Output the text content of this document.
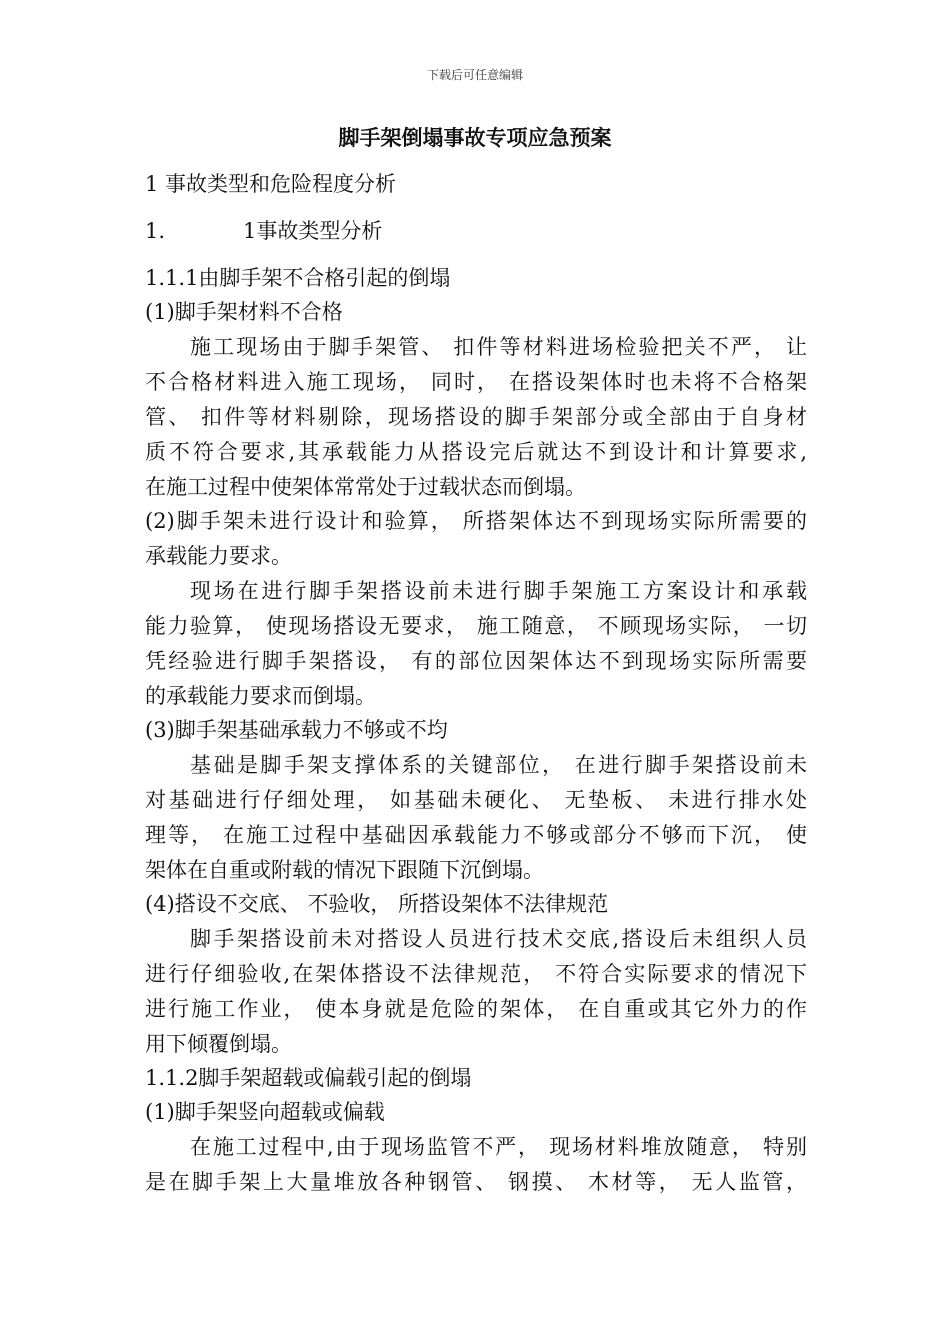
下载后可任意编辑
脚手架倒塌事故专项应急预案
1 事故类型和危险程度分析
1.	1事故类型分析
1.1.1由脚手架不合格引起的倒塌
(1)脚手架材料不合格
施工现场由于脚手架管、 扣件等材料进场检验把关不严， 让
不合格材料进入施工现场， 同时， 在搭设架体时也未将不合格架
管、 扣件等材料剔除，现场搭设的脚手架部分或全部由于自身材
质不符合要求,其承载能力从搭设完后就达不到设计和计算要求,
在施工过程中使架体常常处于过载状态而倒塌。
(2)脚手架未进行设计和验算， 所搭架体达不到现场实际所需要的
承载能力要求。
现场在进行脚手架搭设前未进行脚手架施工方案设计和承载
能力验算， 使现场搭设无要求， 施工随意， 不顾现场实际， 一切
凭经验进行脚手架搭设， 有的部位因架体达不到现场实际所需要
的承载能力要求而倒塌。
(3)脚手架基础承载力不够或不均
基础是脚手架支撑体系的关键部位， 在进行脚手架搭设前未
对基础进行仔细处理， 如基础未硬化、 无垫板、 未进行排水处
理等， 在施工过程中基础因承载能力不够或部分不够而下沉， 使
架体在自重或附载的情况下跟随下沉倒塌。
(4)搭设不交底、 不验收， 所搭设架体不法律规范
脚手架搭设前未对搭设人员进行技术交底,搭设后未组织人员
进行仔细验收,在架体搭设不法律规范， 不符合实际要求的情况下
进行施工作业， 使本身就是危险的架体， 在自重或其它外力的作
用下倾覆倒塌。
1.1.2脚手架超载或偏载引起的倒塌
(1)脚手架竖向超载或偏载
在施工过程中,由于现场监管不严， 现场材料堆放随意， 特别
是在脚手架上大量堆放各种钢管、 钢摸、 木材等， 无人监管，
